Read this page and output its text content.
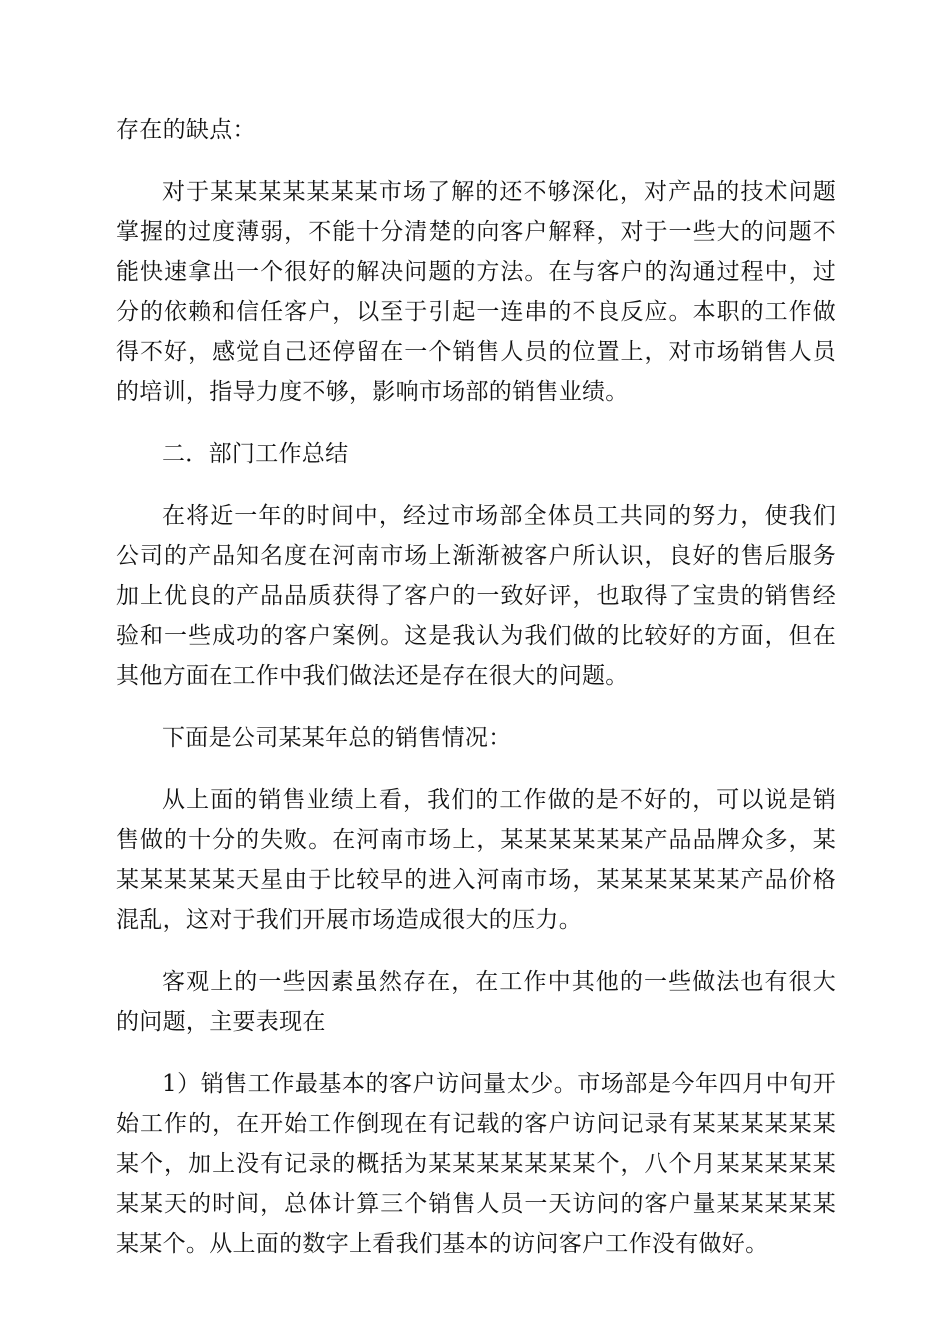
存在的缺点：

对于某某某某某某某市场了解的还不够深化，对产品的技术问题掌握的过度薄弱，不能十分清楚的向客户解释，对于一些大的问题不能快速拿出一个很好的解决问题的方法。在与客户的沟通过程中，过分的依赖和信任客户，以至于引起一连串的不良反应。本职的工作做得不好，感觉自己还停留在一个销售人员的位置上，对市场销售人员的培训，指导力度不够，影响市场部的销售业绩。

二．部门工作总结

在将近一年的时间中，经过市场部全体员工共同的努力，使我们公司的产品知名度在河南市场上渐渐被客户所认识，良好的售后服务加上优良的产品品质获得了客户的一致好评，也取得了宝贵的销售经验和一些成功的客户案例。这是我认为我们做的比较好的方面，但在其他方面在工作中我们做法还是存在很大的问题。

下面是公司某某年总的销售情况：

从上面的销售业绩上看，我们的工作做的是不好的，可以说是销售做的十分的失败。在河南市场上，某某某某某某产品品牌众多，某某某某某某天星由于比较早的进入河南市场，某某某某某某产品价格混乱，这对于我们开展市场造成很大的压力。

客观上的一些因素虽然存在，在工作中其他的一些做法也有很大的问题，主要表现在

1）销售工作最基本的客户访问量太少。市场部是今年四月中旬开始工作的，在开始工作倒现在有记载的客户访问记录有某某某某某某某个，加上没有记录的概括为某某某某某某某个，八个月某某某某某某某天的时间，总体计算三个销售人员一天访问的客户量某某某某某某某个。从上面的数字上看我们基本的访问客户工作没有做好。
